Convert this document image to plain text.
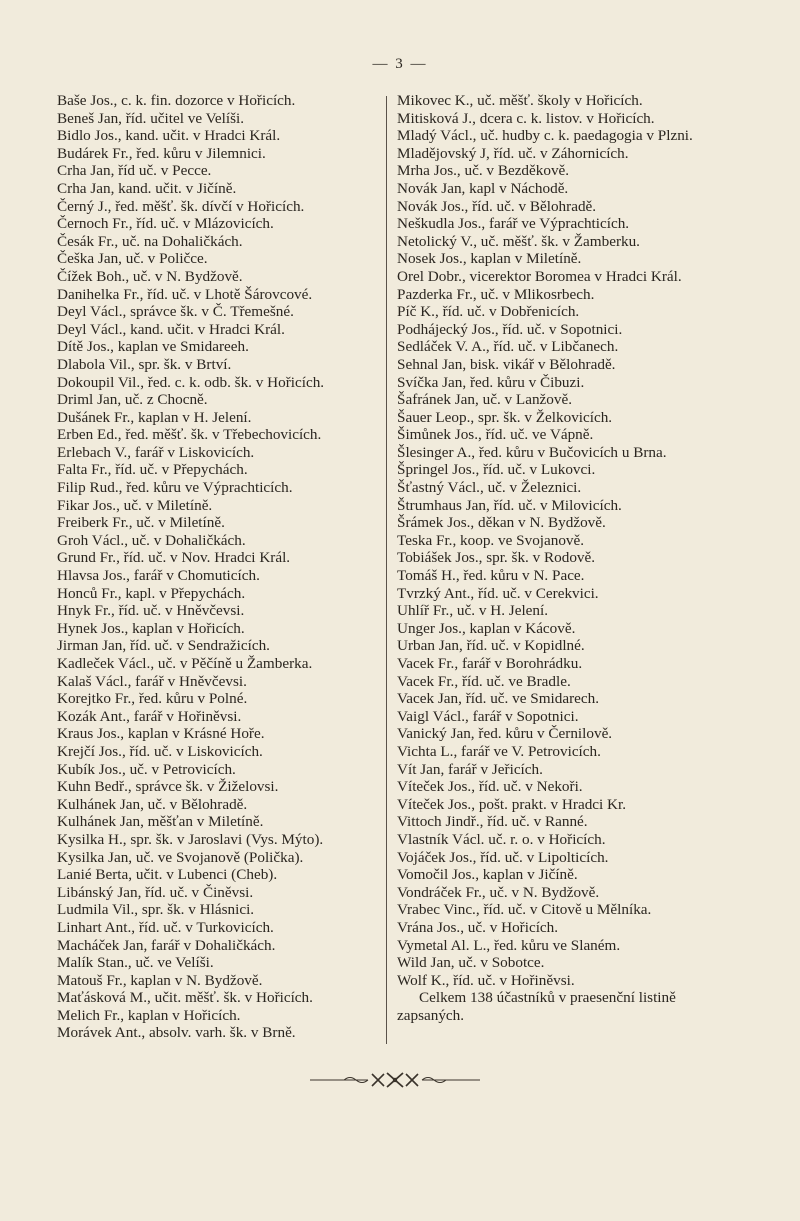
— 3 —
Baše Jos., c. k. fin. dozorce v Hořicích.
Beneš Jan, říd. učitel ve Velíši.
Bidlo Jos., kand. učit. v Hradci Král.
Budárek Fr., řed. kůru v Jilemnici.
Crha Jan, říd uč. v Pecce.
Crha Jan, kand. učit. v Jičíně.
Černý J., řed. měšť. šk. dívčí v Hořicích.
Černoch Fr., říd. uč. v Mlázovicích.
Česák Fr., uč. na Dohaličkách.
Češka Jan, uč. v Poličce.
Čížek Boh., uč. v N. Bydžově.
Danihelka Fr., říd. uč. v Lhotě Šárovcové.
Deyl Václ., správce šk. v Č. Třemešné.
Deyl Václ., kand. učit. v Hradci Král.
Dítě Jos., kaplan ve Smidareeh.
Dlabola Vil., spr. šk. v Brtví.
Dokoupil Vil., řed. c. k. odb. šk. v Hořicích.
Driml Jan, uč. z Chocně.
Dušánek Fr., kaplan v H. Jelení.
Erben Ed., řed. měšť. šk. v Třebechovicích.
Erlebach V., farář v Liskovicích.
Falta Fr., říd. uč. v Přepychách.
Filip Rud., řed. kůru ve Výprachticích.
Fikar Jos., uč. v Miletíně.
Freiberk Fr., uč. v Miletíně.
Groh Václ., uč. v Dohaličkách.
Grund Fr., říd. uč. v Nov. Hradci Král.
Hlavsa Jos., farář v Chomuticích.
Honců Fr., kapl. v Přepychách.
Hnyk Fr., říd. uč. v Hněvčevsi.
Hynek Jos., kaplan v Hořicích.
Jirman Jan, říd. uč. v Sendražicích.
Kadleček Václ., uč. v Pěčíně u Žamberka.
Kalaš Václ., farář v Hněvčevsi.
Korejtko Fr., řed. kůru v Polné.
Kozák Ant., farář v Hořiněvsi.
Kraus Jos., kaplan v Krásné Hoře.
Krejčí Jos., říd. uč. v Liskovicích.
Kubík Jos., uč. v Petrovicích.
Kuhn Bedř., správce šk. v Žiželovsi.
Kulhánek Jan, uč. v Bělohradě.
Kulhánek Jan, měšťan v Miletíně.
Kysilka H., spr. šk. v Jaroslavi (Vys. Mýto).
Kysilka Jan, uč. ve Svojanově (Polička).
Lanié Berta, učit. v Lubenci (Cheb).
Libánský Jan, říd. uč. v Činěvsi.
Ludmila Vil., spr. šk. v Hlásnici.
Linhart Ant., říd. uč. v Turkovicích.
Macháček Jan, farář v Dohaličkách.
Malík Stan., uč. ve Velíši.
Matouš Fr., kaplan v N. Bydžově.
Maťásková M., učit. měšť. šk. v Hořicích.
Melich Fr., kaplan v Hořicích.
Morávek Ant., absolv. varh. šk. v Brně.
Mikovec K., uč. měšť. školy v Hořicích.
Mitisková J., dcera c. k. listov. v Hořicích.
Mladý Václ., uč. hudby c. k. paedagogia v Plzni.
Mladějovský J, říd. uč. v Záhornicích.
Mrha Jos., uč. v Bezděkově.
Novák Jan, kapl v Náchodě.
Novák Jos., říd. uč. v Bělohradě.
Neškudla Jos., farář ve Výprachticích.
Netolický V., uč. měšť. šk. v Žamberku.
Nosek Jos., kaplan v Miletíně.
Orel Dobr., vicerektor Boromea v Hradci Král.
Pazderka Fr., uč. v Mlikosrbech.
Píč K., říd. uč. v Dobřenicích.
Podhájecký Jos., říd. uč. v Sopotnici.
Sedláček V. A., říd. uč. v Libčanech.
Sehnal Jan, bisk. vikář v Bělohradě.
Svíčka Jan, řed. kůru v Čibuzi.
Šafránek Jan, uč. v Lanžově.
Šauer Leop., spr. šk. v Želkovicích.
Šimůnek Jos., říd. uč. ve Vápně.
Šlesinger A., řed. kůru v Bučovicích u Brna.
Špringel Jos., říd. uč. v Lukovci.
Šťastný Václ., uč. v Železnici.
Štrumhaus Jan, říd. uč. v Milovicích.
Šrámek Jos., děkan v N. Bydžově.
Teska Fr., koop. ve Svojanově.
Tobiášek Jos., spr. šk. v Rodově.
Tomáš H., řed. kůru v N. Pace.
Tvrzký Ant., říd. uč. v Cerekvici.
Uhlíř Fr., uč. v H. Jelení.
Unger Jos., kaplan v Kácově.
Urban Jan, říd. uč. v Kopidlné.
Vacek Fr., farář v Borohrádku.
Vacek Fr., říd. uč. ve Bradle.
Vacek Jan, říd. uč. ve Smidarech.
Vaigl Václ., farář v Sopotnici.
Vanický Jan, řed. kůru v Černilově.
Vichta L., farář ve V. Petrovicích.
Vít Jan, farář v Jeřicích.
Víteček Jos., říd. uč. v Nekoři.
Víteček Jos., pošt. prakt. v Hradci Kr.
Vittoch Jindř., říd. uč. v Ranné.
Vlastník Václ. uč. r. o. v Hořicích.
Vojáček Jos., říd. uč. v Lipolticích.
Vomočil Jos., kaplan v Jičíně.
Vondráček Fr., uč. v N. Bydžově.
Vrabec Vinc., říd. uč. v Citově u Mělníka.
Vrána Jos., uč. v Hořicích.
Vymetal Al. L., řed. kůru ve Slaném.
Wild Jan, uč. v Sobotce.
Wolf K., říd. uč. v Hořiněvsi.
Celkem 138 účastníků v praesenční listině zapsaných.
